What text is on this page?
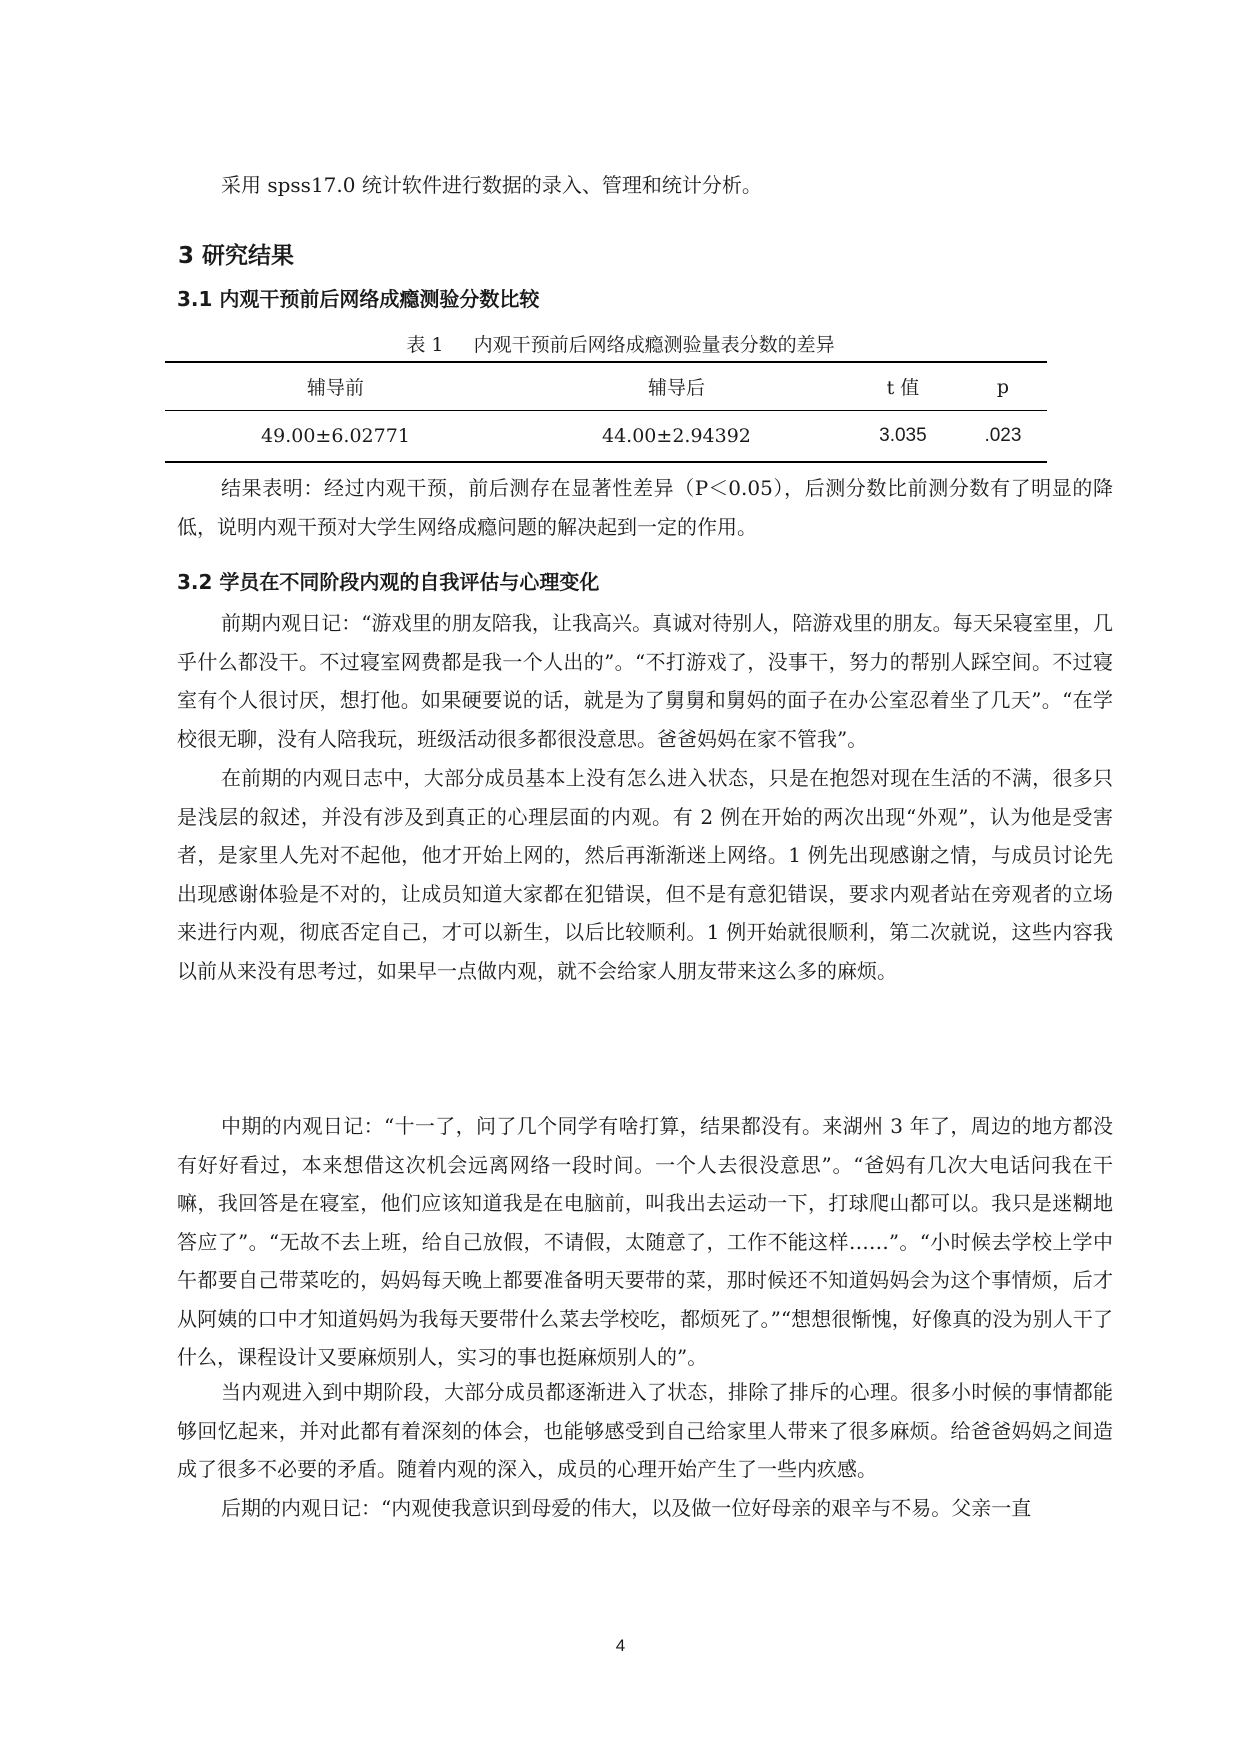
采用 spss17.0 统计软件进行数据的录入、管理和统计分析。

3 研究结果

3.1 内观干预前后网络成瘾测验分数比较

表 1     内观干预前后网络成瘾测验量表分数的差异
辅导前	辅导后	t 值	p
49.00±6.02771	44.00±2.94392	3.035	.023

结果表明：经过内观干预，前后测存在显著性差异（P＜0.05），后测分数比前测分数有了明显的降低，说明内观干预对大学生网络成瘾问题的解决起到一定的作用。

3.2 学员在不同阶段内观的自我评估与心理变化

前期内观日记：“游戏里的朋友陪我，让我高兴。真诚对待别人，陪游戏里的朋友。每天呆寝室里，几乎什么都没干。不过寝室网费都是我一个人出的”。“不打游戏了，没事干，努力的帮别人踩空间。不过寝室有个人很讨厌，想打他。如果硬要说的话，就是为了舅舅和舅妈的面子在办公室忍着坐了几天”。“在学校很无聊，没有人陪我玩，班级活动很多都很没意思。爸爸妈妈在家不管我”。

在前期的内观日志中，大部分成员基本上没有怎么进入状态，只是在抱怨对现在生活的不满，很多只是浅层的叙述，并没有涉及到真正的心理层面的内观。有 2 例在开始的两次出现“外观”，认为他是受害者，是家里人先对不起他，他才开始上网的，然后再渐渐迷上网络。1 例先出现感谢之情，与成员讨论先出现感谢体验是不对的，让成员知道大家都在犯错误，但不是有意犯错误，要求内观者站在旁观者的立场来进行内观，彻底否定自己，才可以新生，以后比较顺利。1 例开始就很顺利，第二次就说，这些内容我以前从来没有思考过，如果早一点做内观，就不会给家人朋友带来这么多的麻烦。

中期的内观日记：“十一了，问了几个同学有啥打算，结果都没有。来湖州 3 年了，周边的地方都没有好好看过，本来想借这次机会远离网络一段时间。一个人去很没意思”。“爸妈有几次大电话问我在干嘛，我回答是在寝室，他们应该知道我是在电脑前，叫我出去运动一下，打球爬山都可以。我只是迷糊地答应了”。“无故不去上班，给自己放假，不请假，太随意了，工作不能这样……”。“小时候去学校上学中午都要自己带菜吃的，妈妈每天晚上都要准备明天要带的菜，那时候还不知道妈妈会为这个事情烦，后才从阿姨的口中才知道妈妈为我每天要带什么菜去学校吃，都烦死了。”“想想很惭愧，好像真的没为别人干了什么，课程设计又要麻烦别人，实习的事也挺麻烦别人的”。

当内观进入到中期阶段，大部分成员都逐渐进入了状态，排除了排斥的心理。很多小时候的事情都能够回忆起来，并对此都有着深刻的体会，也能够感受到自己给家里人带来了很多麻烦。给爸爸妈妈之间造成了很多不必要的矛盾。随着内观的深入，成员的心理开始产生了一些内疚感。

后期的内观日记：“内观使我意识到母爱的伟大，以及做一位好母亲的艰辛与不易。父亲一直

4
